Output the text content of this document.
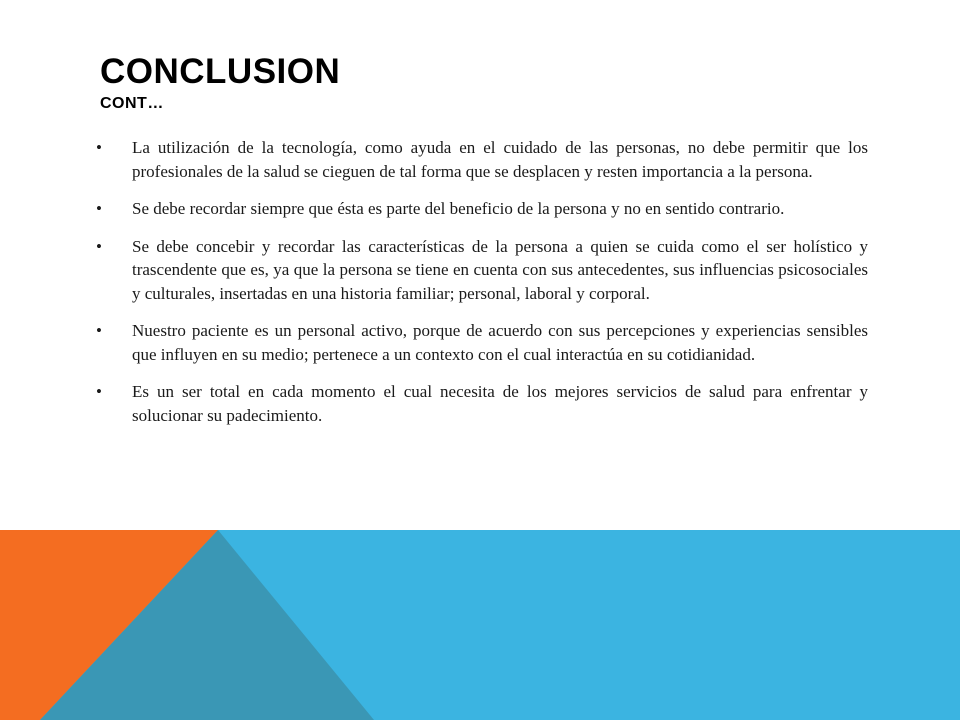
CONCLUSION
CONT…
•	La utilización de la tecnología, como ayuda en el cuidado de las personas, no debe permitir que los profesionales de la salud se cieguen de tal forma que se desplacen y resten importancia a la persona.
•	Se debe recordar siempre que ésta es parte del beneficio de la persona y no en sentido contrario.
•	Se debe concebir y recordar las características de la persona a quien se cuida como el ser holístico y trascendente que es, ya que la persona se tiene en cuenta con sus antecedentes, sus influencias psicosociales y culturales, insertadas en una historia familiar; personal, laboral y corporal.
•	Nuestro paciente es un personal activo, porque de acuerdo con sus percepciones y experiencias sensibles que influyen en su medio; pertenece a un contexto con el cual interactúa en su cotidianidad.
•	Es un ser total en cada momento el cual necesita de los mejores servicios de salud para enfrentar y solucionar su padecimiento.
